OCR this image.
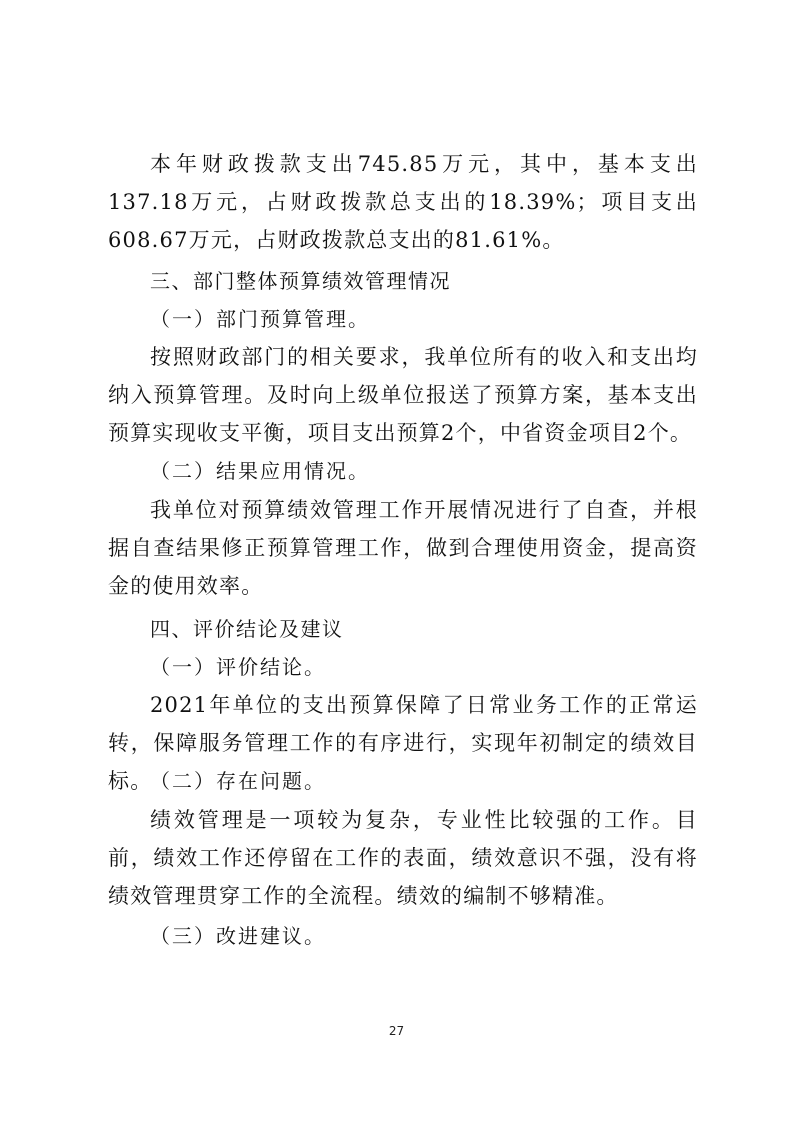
本年财政拨款支出745.85万元，其中，基本支出137.18万元，占财政拨款总支出的18.39%；项目支出608.67万元，占财政拨款总支出的81.61%。

三、部门整体预算绩效管理情况

（一）部门预算管理。

按照财政部门的相关要求，我单位所有的收入和支出均纳入预算管理。及时向上级单位报送了预算方案，基本支出预算实现收支平衡，项目支出预算2个，中省资金项目2个。

（二）结果应用情况。

我单位对预算绩效管理工作开展情况进行了自查，并根据自查结果修正预算管理工作，做到合理使用资金，提高资金的使用效率。

四、评价结论及建议

（一）评价结论。

2021年单位的支出预算保障了日常业务工作的正常运转，保障服务管理工作的有序进行，实现年初制定的绩效目标。

（二）存在问题。

绩效管理是一项较为复杂，专业性比较强的工作。目前，绩效工作还停留在工作的表面，绩效意识不强，没有将绩效管理贯穿工作的全流程。绩效的编制不够精准。

（三）改进建议。

27
